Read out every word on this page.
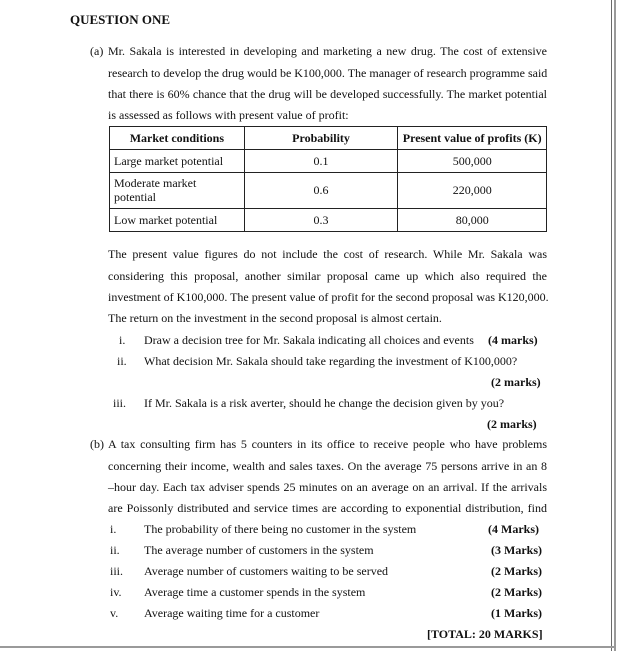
QUESTION ONE
(a) Mr. Sakala is interested in developing and marketing a new drug. The cost of extensive
research to develop the drug would be K100,000. The manager of research programme said
that there is 60% chance that the drug will be developed successfully. The market potential
is assessed as follows with present value of profit:
Market conditions	Probability	Present value of profits (K)
Large market potential	0.1	500,000
Moderate market potential	0.6	220,000
Low market potential	0.3	80,000
The present value figures do not include the cost of research. While Mr. Sakala was
considering this proposal, another similar proposal came up which also required the
investment of K100,000. The present value of profit for the second proposal was K120,000.
The return on the investment in the second proposal is almost certain.
i. Draw a decision tree for Mr. Sakala indicating all choices and events (4 marks)
ii. What decision Mr. Sakala should take regarding the investment of K100,000?
(2 marks)
iii. If Mr. Sakala is a risk averter, should he change the decision given by you?
(2 marks)
(b) A tax consulting firm has 5 counters in its office to receive people who have problems
concerning their income, wealth and sales taxes. On the average 75 persons arrive in an 8
–hour day. Each tax adviser spends 25 minutes on an average on an arrival. If the arrivals
are Poissonly distributed and service times are according to exponential distribution, find
i. The probability of there being no customer in the system	(4 Marks)
ii. The average number of customers in the system	(3 Marks)
iii. Average number of customers waiting to be served	(2 Marks)
iv. Average time a customer spends in the system	(2 Marks)
v. Average waiting time for a customer	(1 Marks)
[TOTAL: 20 MARKS]
